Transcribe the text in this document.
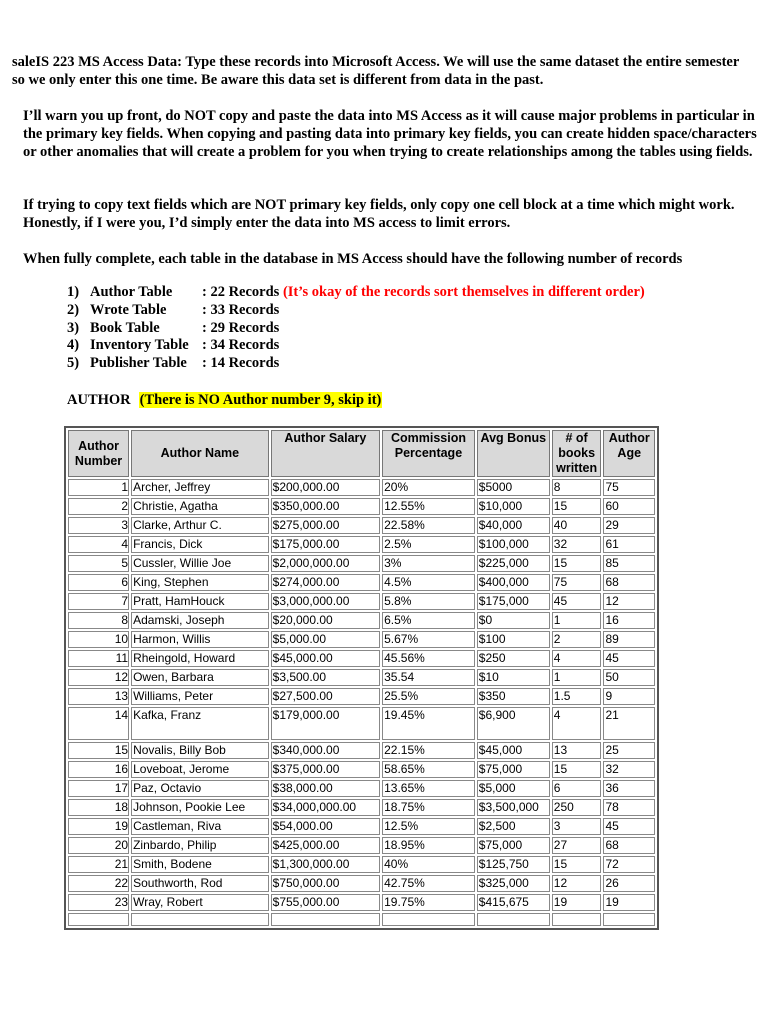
saleIS 223 MS Access Data: Type these records into Microsoft Access. We will use the same dataset the entire semester so we only enter this one time. Be aware this data set is different from data in the past.

I’ll warn you up front, do NOT copy and paste the data into MS Access as it will cause major problems in particular in the primary key fields. When copying and pasting data into primary key fields, you can create hidden space/characters or other anomalies that will create a problem for you when trying to create relationships among the tables using fields.

If trying to copy text fields which are NOT primary key fields, only copy one cell block at a time which might work. Honestly, if I were you, I’d simply enter the data into MS access to limit errors.

When fully complete, each table in the database in MS Access should have the following number of records

1) Author Table : 22 Records (It’s okay of the records sort themselves in different order)
2) Wrote Table : 33 Records
3) Book Table	: 29 Records
4) Inventory Table : 34 Records
5) Publisher Table : 14 Records
AUTHOR (There is NO Author number 9, skip it)
Author Number	Author Name	Author Salary	Commission Percentage	Avg Bonus	# of books written	Author Age
1	Archer, Jeffrey	$200,000.00	20%	$5000	8	75
2	Christie, Agatha	$350,000.00	12.55%	$10,000	15	60
3	Clarke, Arthur C.	$275,000.00	22.58%	$40,000	40	29
4	Francis, Dick	$175,000.00	2.5%	$100,000	32	61
5	Cussler, Willie Joe	$2,000,000.00	3%	$225,000	15	85
6	King, Stephen	$274,000.00	4.5%	$400,000	75	68
7	Pratt, HamHouck	$3,000,000.00	5.8%	$175,000	45	12
8	Adamski, Joseph	$20,000.00	6.5%	$0	1	16
10	Harmon, Willis	$5,000.00	5.67%	$100	2	89
11	Rheingold, Howard	$45,000.00	45.56%	$250	4	45
12	Owen, Barbara	$3,500.00	35.54	$10	1	50
13	Williams, Peter	$27,500.00	25.5%	$350	1.5	9
14	Kafka, Franz	$179,000.00	19.45%	$6,900	4	21
15	Novalis, Billy Bob	$340,000.00	22.15%	$45,000	13	25
16	Loveboat, Jerome	$375,000.00	58.65%	$75,000	15	32
17	Paz, Octavio	$38,000.00	13.65%	$5,000	6	36
18	Johnson, Pookie Lee	$34,000,000.00	18.75%	$3,500,000	250	78
19	Castleman, Riva	$54,000.00	12.5%	$2,500	3	45
20	Zinbardo, Philip	$425,000.00	18.95%	$75,000	27	68
21	Smith, Bodene	$1,300,000.00	40%	$125,750	15	72
22	Southworth, Rod	$750,000.00	42.75%	$325,000	12	26
23	Wray, Robert	$755,000.00	19.75%	$415,675	19	19
